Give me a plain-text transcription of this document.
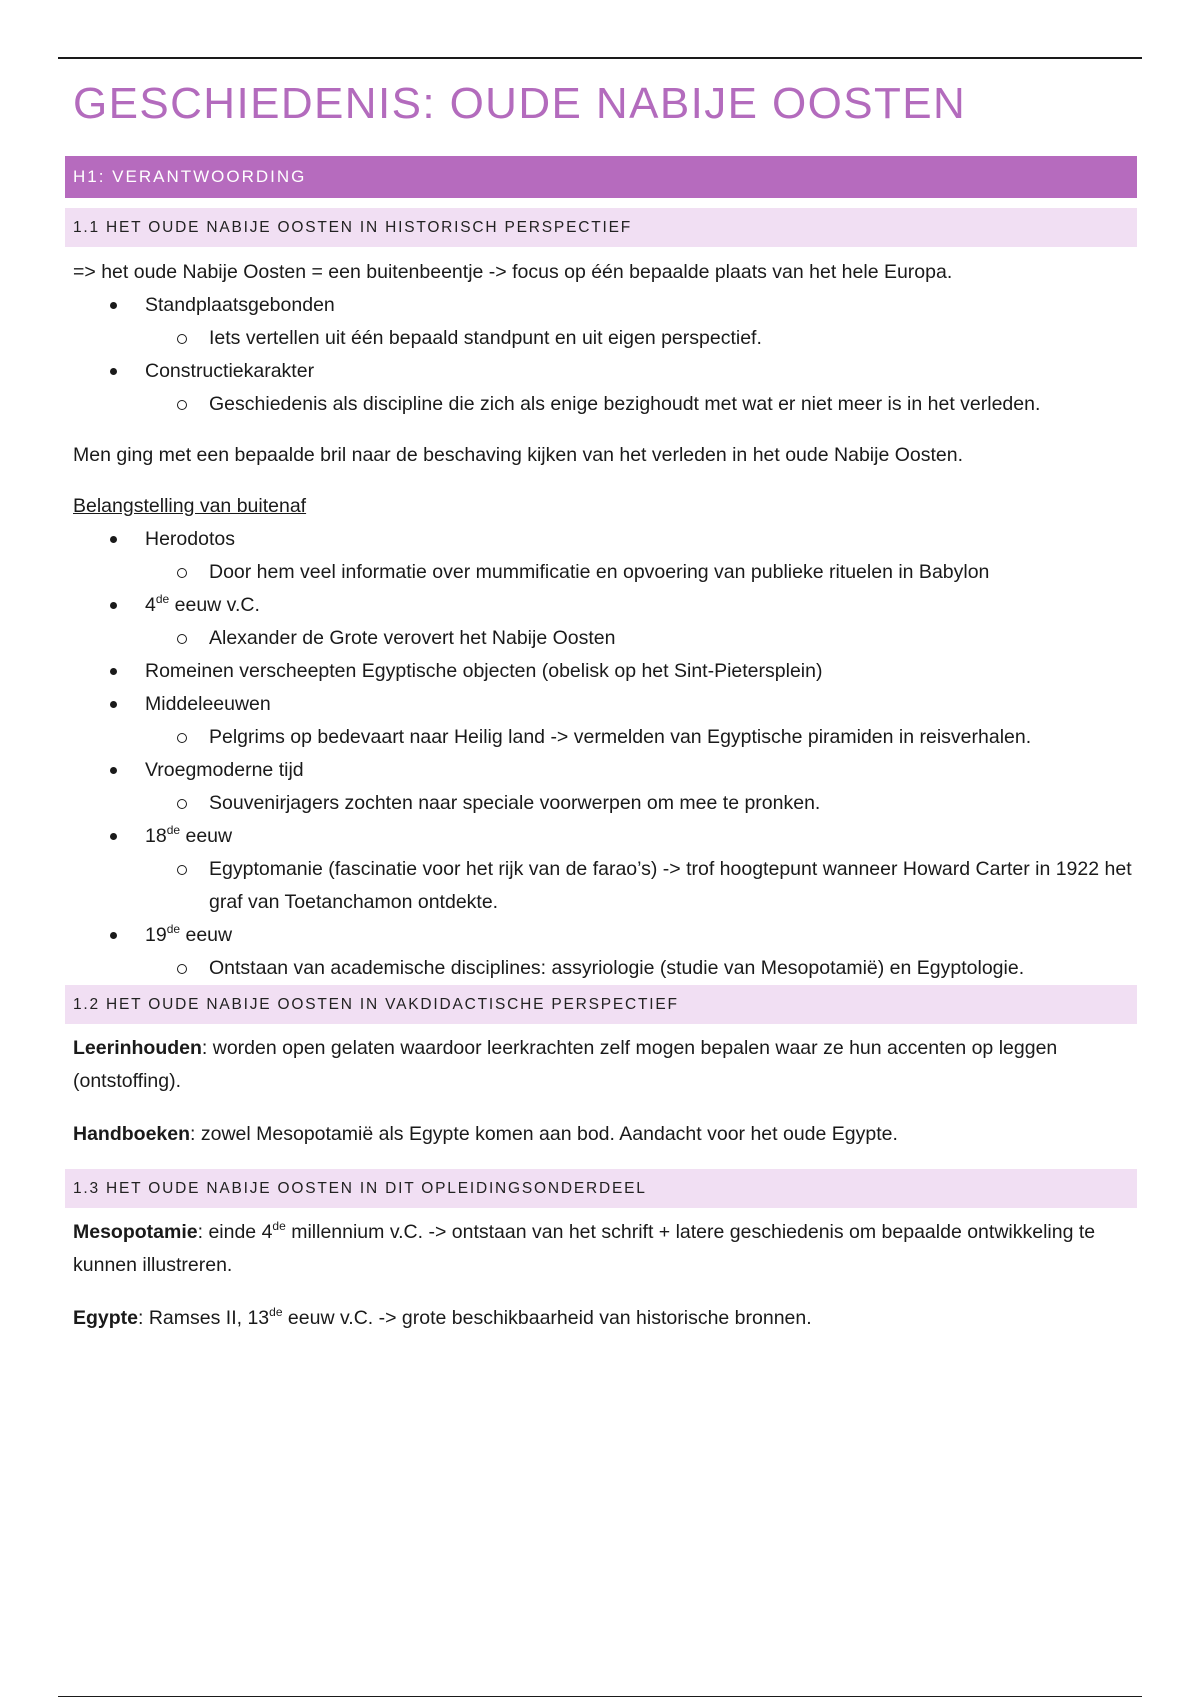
GESCHIEDENIS: OUDE NABIJE OOSTEN
H1: VERANTWOORDING
1.1 HET OUDE NABIJE OOSTEN IN HISTORISCH PERSPECTIEF

=> het oude Nabije Oosten = een buitenbeentje -> focus op één bepaalde plaats van het hele Europa.

Standplaatsgebonden
Iets vertellen uit één bepaald standpunt en uit eigen perspectief.
Constructiekarakter
Geschiedenis als discipline die zich als enige bezighoudt met wat er niet meer is in het verleden.

Men ging met een bepaalde bril naar de beschaving kijken van het verleden in het oude Nabije Oosten.

Belangstelling van buitenaf
Herodotos
Door hem veel informatie over mummificatie en opvoering van publieke rituelen in Babylon
4de eeuw v.C.
Alexander de Grote verovert het Nabije Oosten
Romeinen verscheepten Egyptische objecten (obelisk op het Sint-Pietersplein)
Middeleeuwen
Pelgrims op bedevaart naar Heilig land -> vermelden van Egyptische piramiden in reisverhalen.
Vroegmoderne tijd
Souvenirjagers zochten naar speciale voorwerpen om mee te pronken.
18de eeuw
Egyptomanie (fascinatie voor het rijk van de farao’s) -> trof hoogtepunt wanneer Howard Carter in 1922 het graf van Toetanchamon ontdekte.
19de eeuw
Ontstaan van academische disciplines: assyriologie (studie van Mesopotamië) en Egyptologie.
1.2 HET OUDE NABIJE OOSTEN IN VAKDIDACTISCHE PERSPECTIEF

Leerinhouden: worden open gelaten waardoor leerkrachten zelf mogen bepalen waar ze hun accenten op leggen (ontstoffing).

Handboeken: zowel Mesopotamië als Egypte komen aan bod. Aandacht voor het oude Egypte.

1.3 HET OUDE NABIJE OOSTEN IN DIT OPLEIDINGSONDERDEEL

Mesopotamie: einde 4de millennium v.C. -> ontstaan van het schrift + latere geschiedenis om bepaalde ontwikkeling te kunnen illustreren.

Egypte: Ramses II, 13de eeuw v.C. -> grote beschikbaarheid van historische bronnen.
